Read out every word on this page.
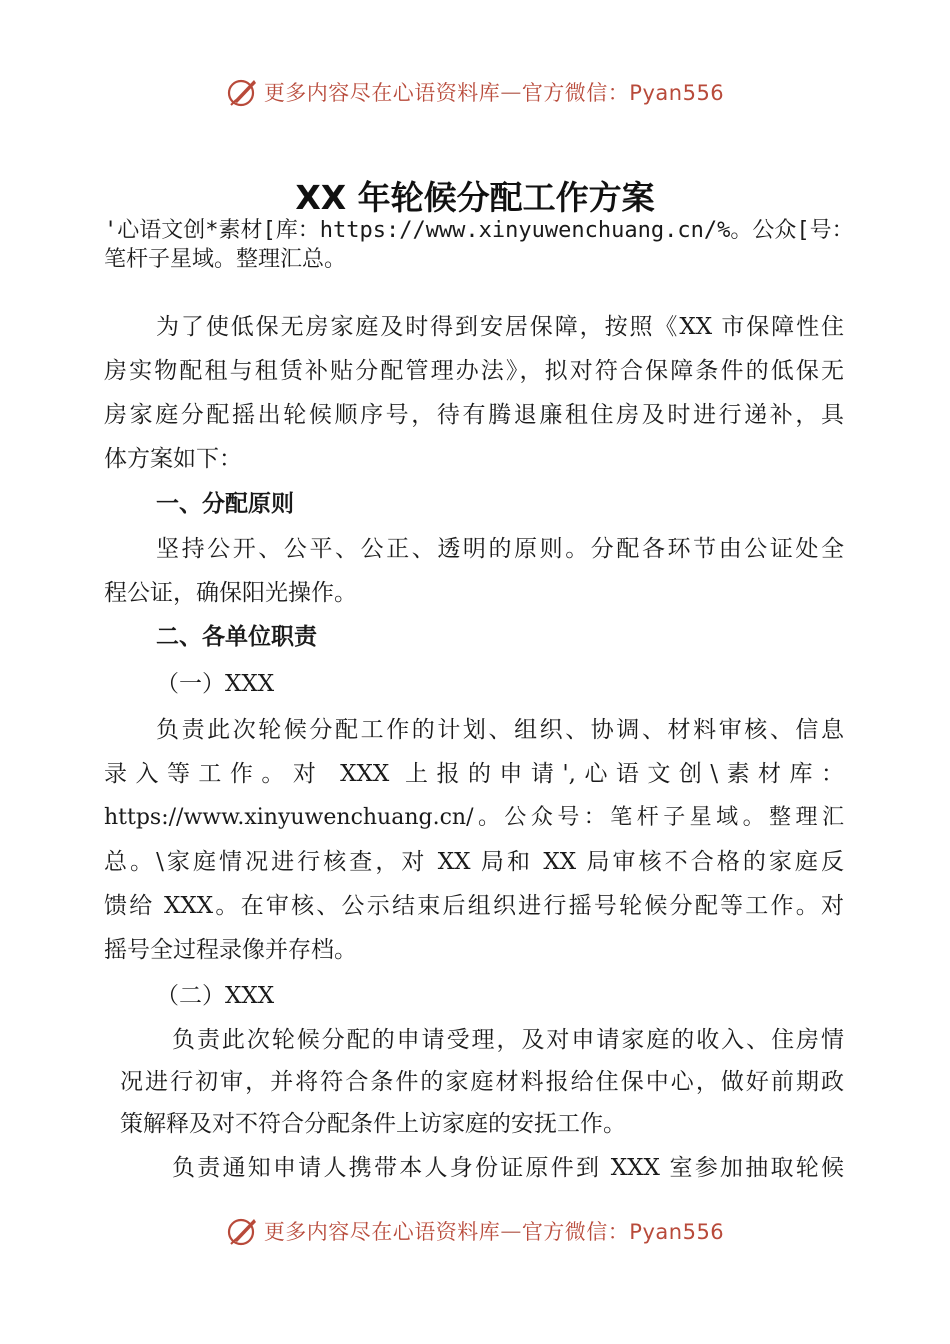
更多内容尽在心语资料库 — 官方微信：Pyan556
XX 年轮候分配工作方案
'心语文创*素材[库：https://www.xinyuwenchuang.cn/%。公众[号：
笔杆子星域。整理汇总。
为了使低保无房家庭及时得到安居保障，按照《XX 市保障性住
房实物配租与租赁补贴分配管理办法》，拟对符合保障条件的低保无
房家庭分配摇出轮候顺序号，待有腾退廉租住房及时进行递补，具
体方案如下：
一、分配原则
坚持公开、公平、公正、透明的原则。分配各环节由公证处全
程公证，确保阳光操作。
二、各单位职责
（一）XXX
负责此次轮候分配工作的计划、组织、协调、材料审核、信息
录入等工作。对 XXX 上报的申请',心语文创\素材库：
https://www.xinyuwenchuang.cn/。公众号：笔杆子星域。整理汇
总。\家庭情况进行核查，对 XX 局和 XX 局审核不合格的家庭反
馈给 XXX。在审核、公示结束后组织进行摇号轮候分配等工作。对
摇号全过程录像并存档。
（二）XXX
负责此次轮候分配的申请受理，及对申请家庭的收入、住房情
况进行初审，并将符合条件的家庭材料报给住保中心，做好前期政
策解释及对不符合分配条件上访家庭的安抚工作。
负责通知申请人携带本人身份证原件到 XXX 室参加抽取轮候
更多内容尽在心语资料库 — 官方微信：Pyan556
